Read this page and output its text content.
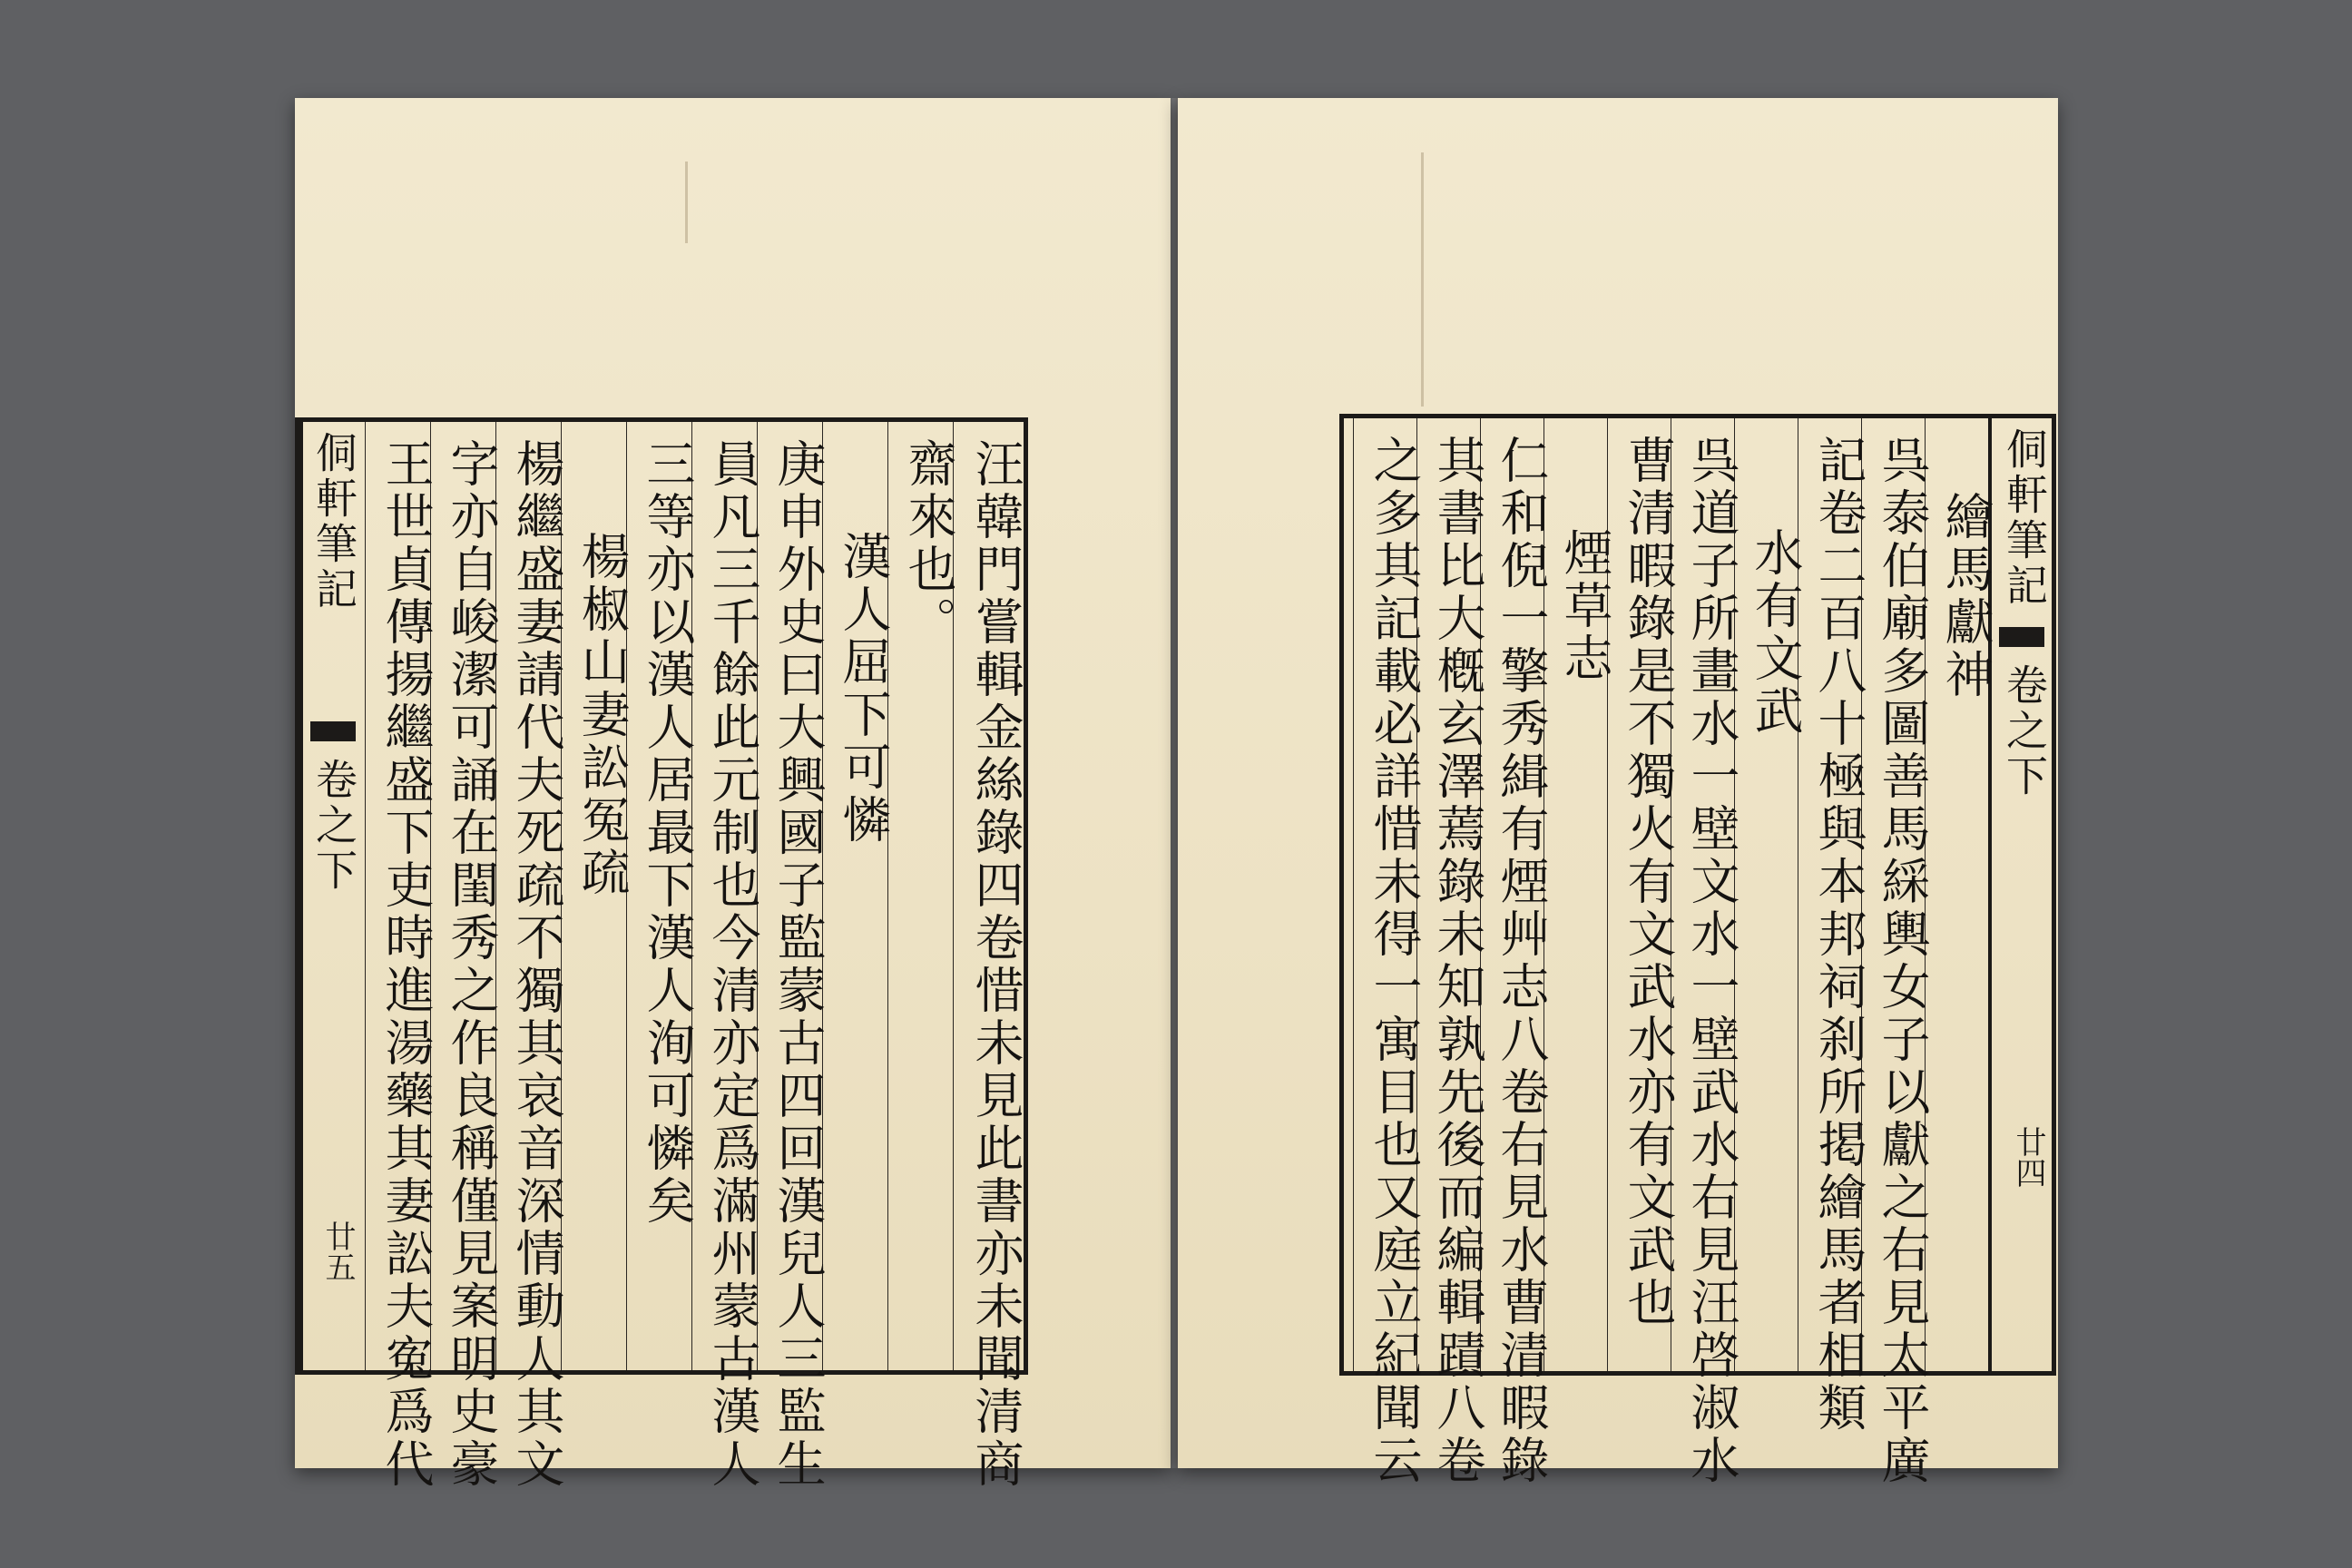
汪韓門嘗輯金絲錄四卷惜未見此書亦未聞清商
齋來也。
漢人屈下可憐
庚申外史曰大興國子監蒙古四回漢兒人三監生
員凡三千餘此元制也今清亦定爲滿州蒙古漢人
三等亦以漢人居最下漢人洵可憐矣
楊椒山妻訟冤疏
楊繼盛妻請代夫死疏不獨其哀音深情動人其文
字亦自峻潔可誦在閨秀之作良稱僅見案明史豪
王世貞傳揚繼盛下吏時進湯藥其妻訟夫寃爲代
侗軒筆記
卷之下
廿五
侗軒筆記
卷之下
廿四
繪馬獻神
呉泰伯廟多圖善馬綵輿女子以獻之右見太平廣
記卷二百八十極與本邦祠刹所掲繪馬者相類
水有文武
呉道子所畫水一壁文水一壁武水右見汪啓淑水
曹清暇錄是不獨火有文武水亦有文武也
煙草志
仁和倪一擎秀緝有煙艸志八卷右見水曹清暇錄
其書比大槪玄澤蔫錄未知孰先後而編輯蹟八卷
之多其記載必詳惜未得一寓目也又庭立紀聞云
